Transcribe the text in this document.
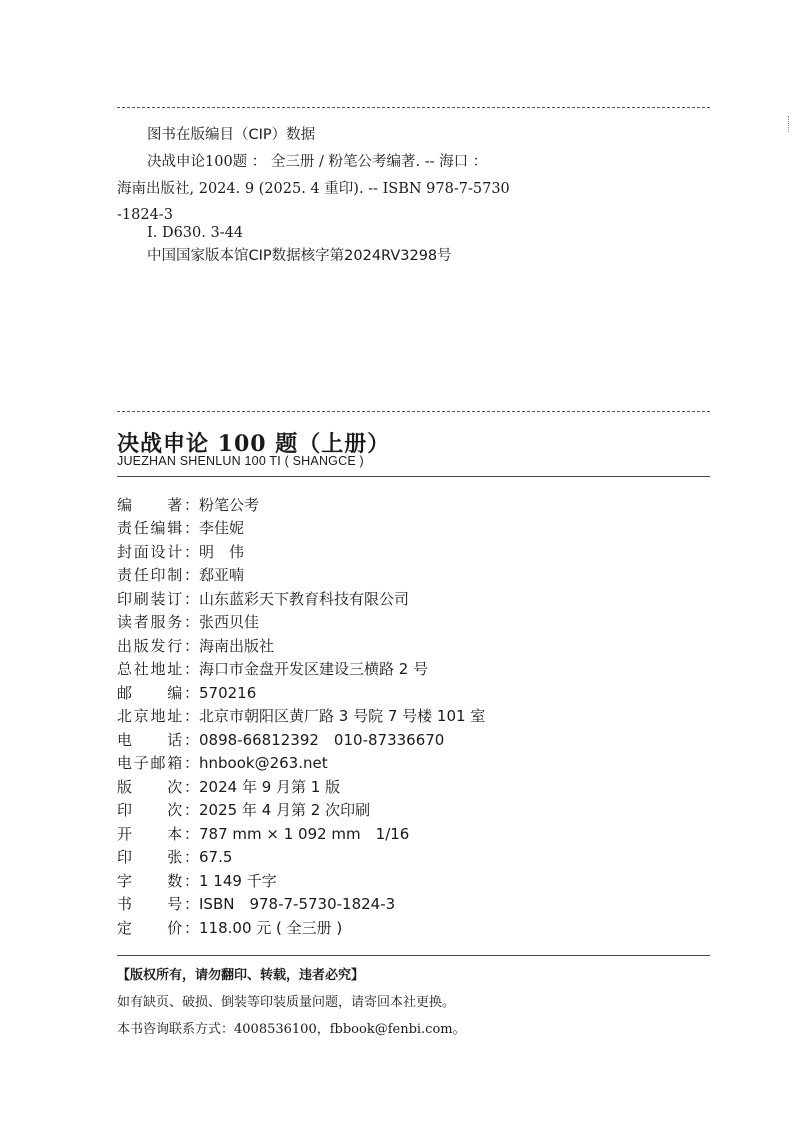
图书在版编目（CIP）数据
决战申论100题 ： 全三册 / 粉笔公考编著. -- 海口 ：
海南出版社, 2024. 9 (2025. 4 重印). -- ISBN 978-7-5730
-1824-3
Ⅰ. D630. 3-44
中国国家版本馆CIP数据核字第2024RV3298号
决战申论 100 题（上册）
JUEZHAN SHENLUN 100 TI ( SHANGCE )
编　　著： 粉笔公考
责任编辑： 李佳妮
封面设计： 明　伟
责任印制： 郄亚喃
印刷装订： 山东蓝彩天下教育科技有限公司
读者服务： 张西贝佳
出版发行： 海南出版社
总社地址： 海口市金盘开发区建设三横路 2 号
邮　　编： 570216
北京地址： 北京市朝阳区黄厂路 3 号院 7 号楼 101 室
电　　话： 0898-66812392　010-87336670
电子邮箱： hnbook@263.net
版　　次： 2024 年 9 月第 1 版
印　　次： 2025 年 4 月第 2 次印刷
开　　本： 787 mm × 1 092 mm　1/16
印　　张： 67.5
字　　数： 1 149 千字
书　　号： ISBN　978-7-5730-1824-3
定　　价： 118.00 元 ( 全三册 )
【版权所有，请勿翻印、转载，违者必究】
如有缺页、破损、倒装等印装质量问题，请寄回本社更换。
本书咨询联系方式：4008536100，fbbook@fenbi.com。
